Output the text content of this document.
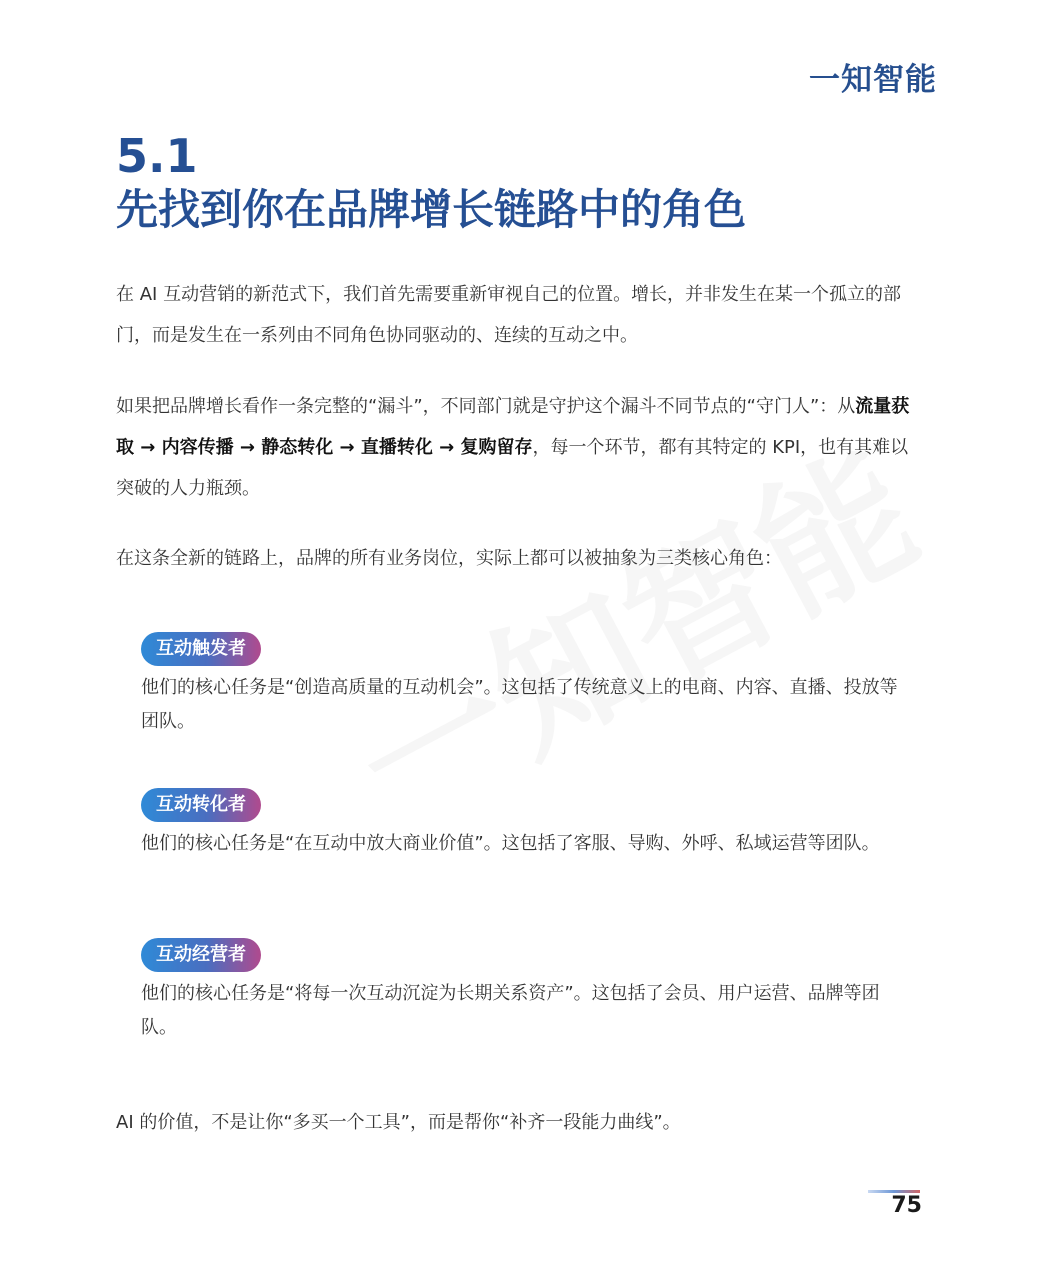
一知智能
5.1
先找到你在品牌增长链路中的角色
在 AI 互动营销的新范式下，我们首先需要重新审视自己的位置。增长，并非发生在某一个孤立的部门，而是发生在一系列由不同角色协同驱动的、连续的互动之中。
如果把品牌增长看作一条完整的“漏斗”，不同部门就是守护这个漏斗不同节点的“守门人”：从流量获取 → 内容传播 → 静态转化 → 直播转化 → 复购留存，每一个环节，都有其特定的 KPI，也有其难以突破的人力瓶颈。
在这条全新的链路上，品牌的所有业务岗位，实际上都可以被抽象为三类核心角色：
互动触发者
他们的核心任务是“创造高质量的互动机会”。这包括了传统意义上的电商、内容、直播、投放等团队。
互动转化者
他们的核心任务是“在互动中放大商业价值”。这包括了客服、导购、外呼、私域运营等团队。
互动经营者
他们的核心任务是“将每一次互动沉淀为长期关系资产”。这包括了会员、用户运营、品牌等团队。
AI 的价值，不是让你“多买一个工具”，而是帮你“补齐一段能力曲线”。
75
